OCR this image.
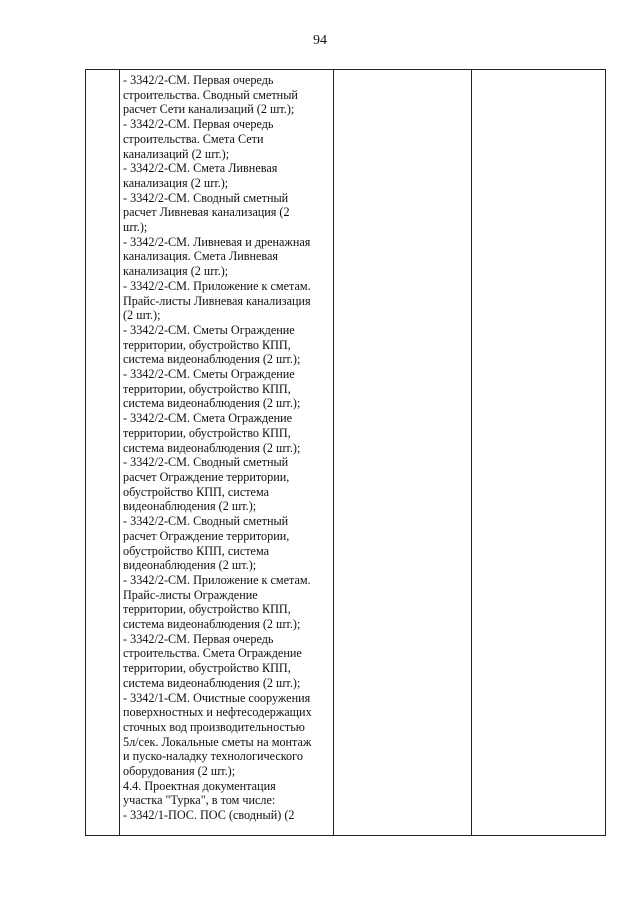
94

- 3342/2-СМ. Первая очередь
строительства. Сводный сметный
расчет Сети канализаций (2 шт.);
- 3342/2-СМ. Первая очередь
строительства. Смета Сети
канализаций (2 шт.);
- 3342/2-СМ. Смета Ливневая
канализация (2 шт.);
- 3342/2-СМ. Сводный сметный
расчет Ливневая канализация (2
шт.);
- 3342/2-СМ. Ливневая и дренажная
канализация. Смета Ливневая
канализация (2 шт.);
- 3342/2-СМ. Приложение к сметам.
Прайс-листы Ливневая канализация
(2 шт.);
- 3342/2-СМ. Сметы Ограждение
территории, обустройство КПП,
система видеонаблюдения (2 шт.);
- 3342/2-СМ. Сметы Ограждение
территории, обустройство КПП,
система видеонаблюдения (2 шт.);
- 3342/2-СМ. Смета Ограждение
территории, обустройство КПП,
система видеонаблюдения (2 шт.);
- 3342/2-СМ. Сводный сметный
расчет Ограждение территории,
обустройство КПП, система
видеонаблюдения (2 шт.);
- 3342/2-СМ. Сводный сметный
расчет Ограждение территории,
обустройство КПП, система
видеонаблюдения (2 шт.);
- 3342/2-СМ. Приложение к сметам.
Прайс-листы Ограждение
территории, обустройство КПП,
система видеонаблюдения (2 шт.);
- 3342/2-СМ. Первая очередь
строительства. Смета Ограждение
территории, обустройство КПП,
система видеонаблюдения (2 шт.);
- 3342/1-СМ. Очистные сооружения
поверхностных и нефтесодержащих
сточных вод производительностью
5л/сек. Локальные сметы на монтаж
и пуско-наладку технологического
оборудования (2 шт.);
4.4. Проектная документация
участка "Турка", в том числе:
- 3342/1-ПОС. ПОС (сводный) (2
